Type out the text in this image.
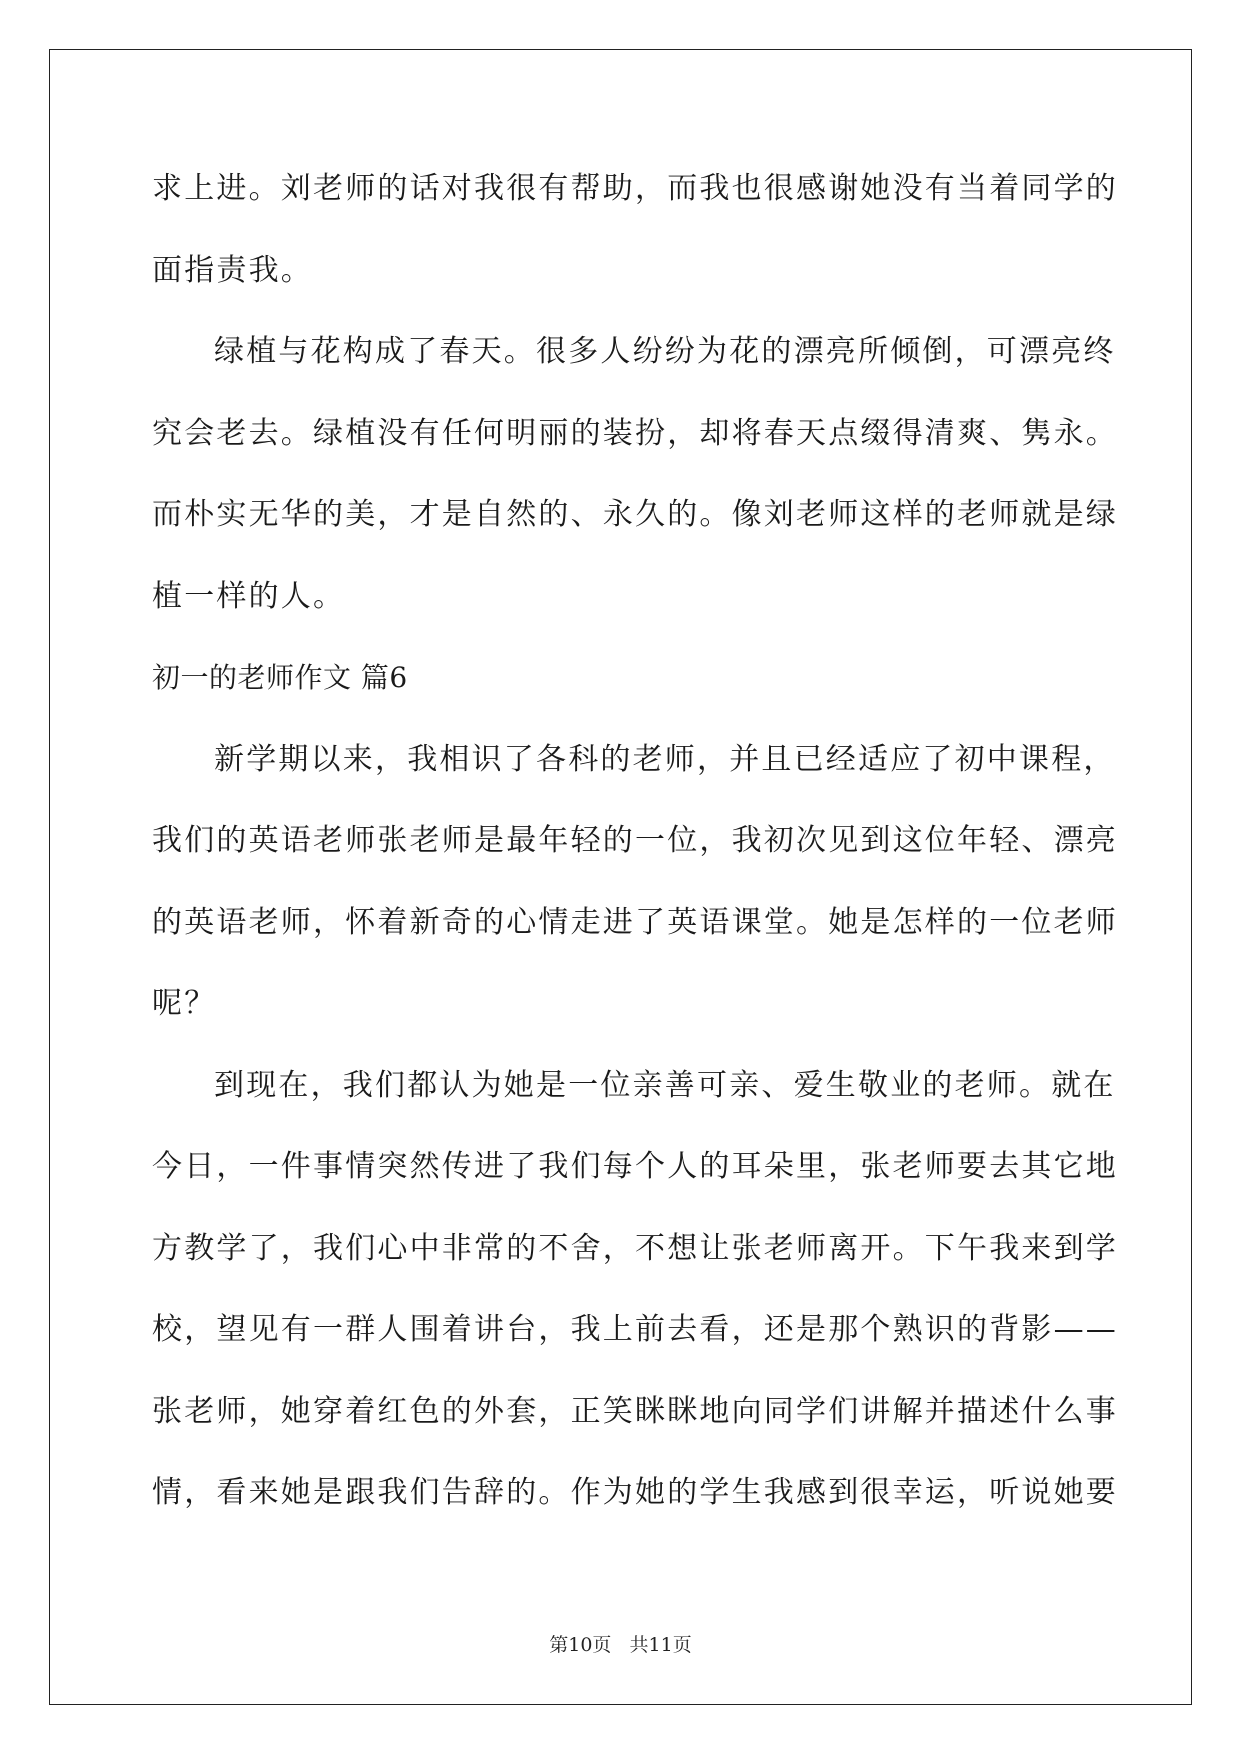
求上进。刘老师的话对我很有帮助，而我也很感谢她没有当着同学的
面指责我。
绿植与花构成了春天。很多人纷纷为花的漂亮所倾倒，可漂亮终
究会老去。绿植没有任何明丽的装扮，却将春天点缀得清爽、隽永。
而朴实无华的美，才是自然的、永久的。像刘老师这样的老师就是绿
植一样的人。
初一的老师作文 篇6
新学期以来，我相识了各科的老师，并且已经适应了初中课程，
我们的英语老师张老师是最年轻的一位，我初次见到这位年轻、漂亮
的英语老师，怀着新奇的心情走进了英语课堂。她是怎样的一位老师
呢？
到现在，我们都认为她是一位亲善可亲、爱生敬业的老师。就在
今日，一件事情突然传进了我们每个人的耳朵里，张老师要去其它地
方教学了，我们心中非常的不舍，不想让张老师离开。下午我来到学
校，望见有一群人围着讲台，我上前去看，还是那个熟识的背影——
张老师，她穿着红色的外套，正笑眯眯地向同学们讲解并描述什么事
情，看来她是跟我们告辞的。作为她的学生我感到很幸运，听说她要
第10页   共11页
